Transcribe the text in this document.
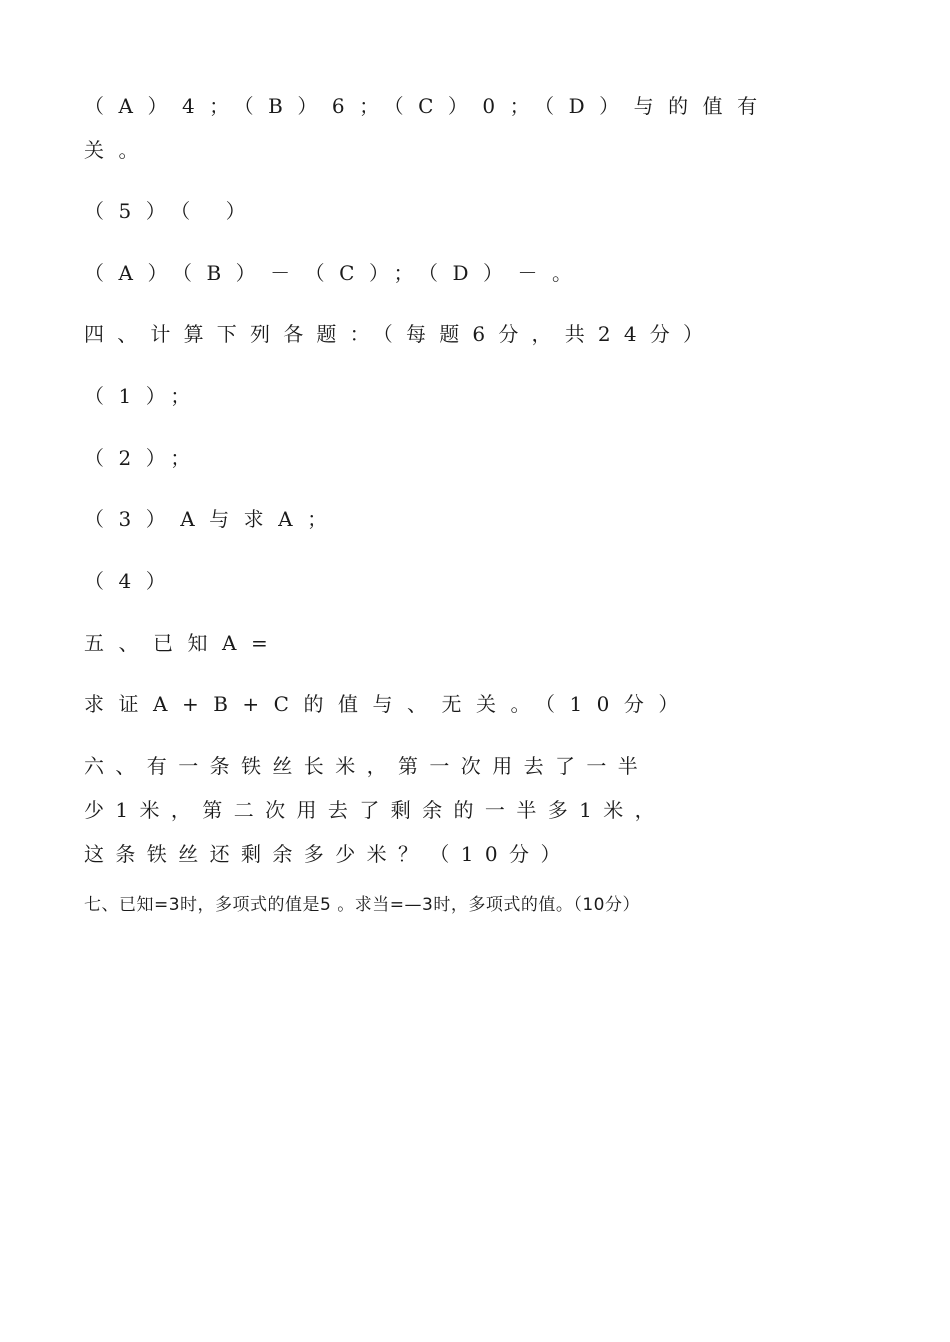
（A）4；（B）6；（C）0；（D）与的值有
关。
（5）（ ）
（A）（B）－（C）；（D）－。
四、计算下列各题：（每题6分，共24分）
（1）；
（2）；
（3）A与求A；
（4）
五、已知A=
求证A+B+C的值与、无关。（10分）
六、有一条铁丝长米，第一次用去了一半
少1米，第二次用去了剩余的一半多1米，
这条铁丝还剩余多少米？（10分）
七、已知=3时，多项式的值是5 。求当=—3时，多项式的值。（10分）
